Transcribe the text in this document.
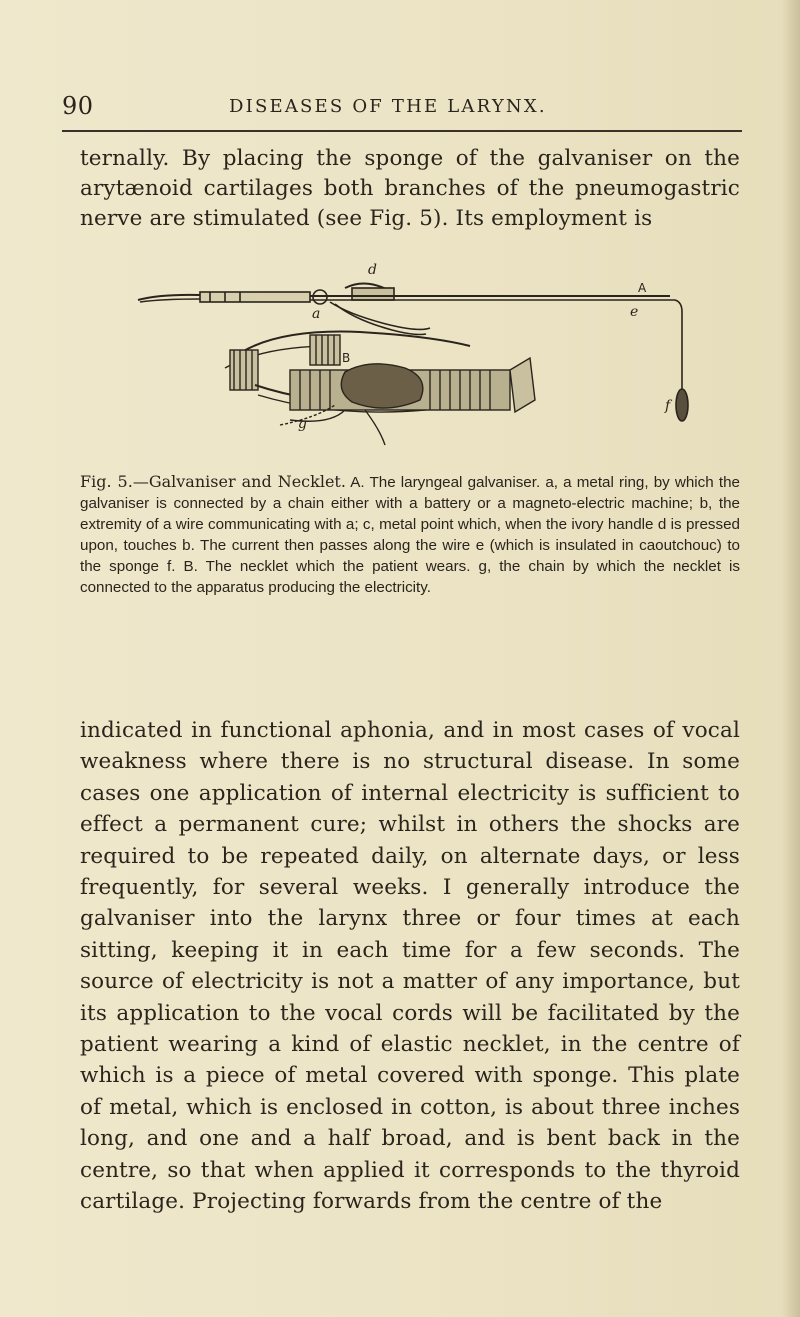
90	DISEASES OF THE LARYNX.

ternally. By placing the sponge of the galvaniser on the arytænoid cartilages both branches of the pneumogastric nerve are stimulated (see Fig. 5). Its employment is

d
a	e
f
g
A
B
Fig. 5.—Galvaniser and Necklet. A. The laryngeal galvaniser. a, a metal ring, by which the galvaniser is connected by a chain either with a battery or a magneto-electric machine; b, the extremity of a wire communicating with a; c, metal point which, when the ivory handle d is pressed upon, touches b. The current then passes along the wire e (which is insulated in caoutchouc) to the sponge f. B. The necklet which the patient wears. g, the chain by which the necklet is connected to the apparatus producing the electricity.

indicated in functional aphonia, and in most cases of vocal weakness where there is no structural disease. In some cases one application of internal electricity is sufficient to effect a permanent cure; whilst in others the shocks are required to be repeated daily, on alternate days, or less frequently, for several weeks. I generally introduce the galvaniser into the larynx three or four times at each sitting, keeping it in each time for a few seconds. The source of electricity is not a matter of any importance, but its application to the vocal cords will be facilitated by the patient wearing a kind of elastic necklet, in the centre of which is a piece of metal covered with sponge. This plate of metal, which is enclosed in cotton, is about three inches long, and one and a half broad, and is bent back in the centre, so that when applied it corresponds to the thyroid cartilage. Projecting forwards from the centre of the
